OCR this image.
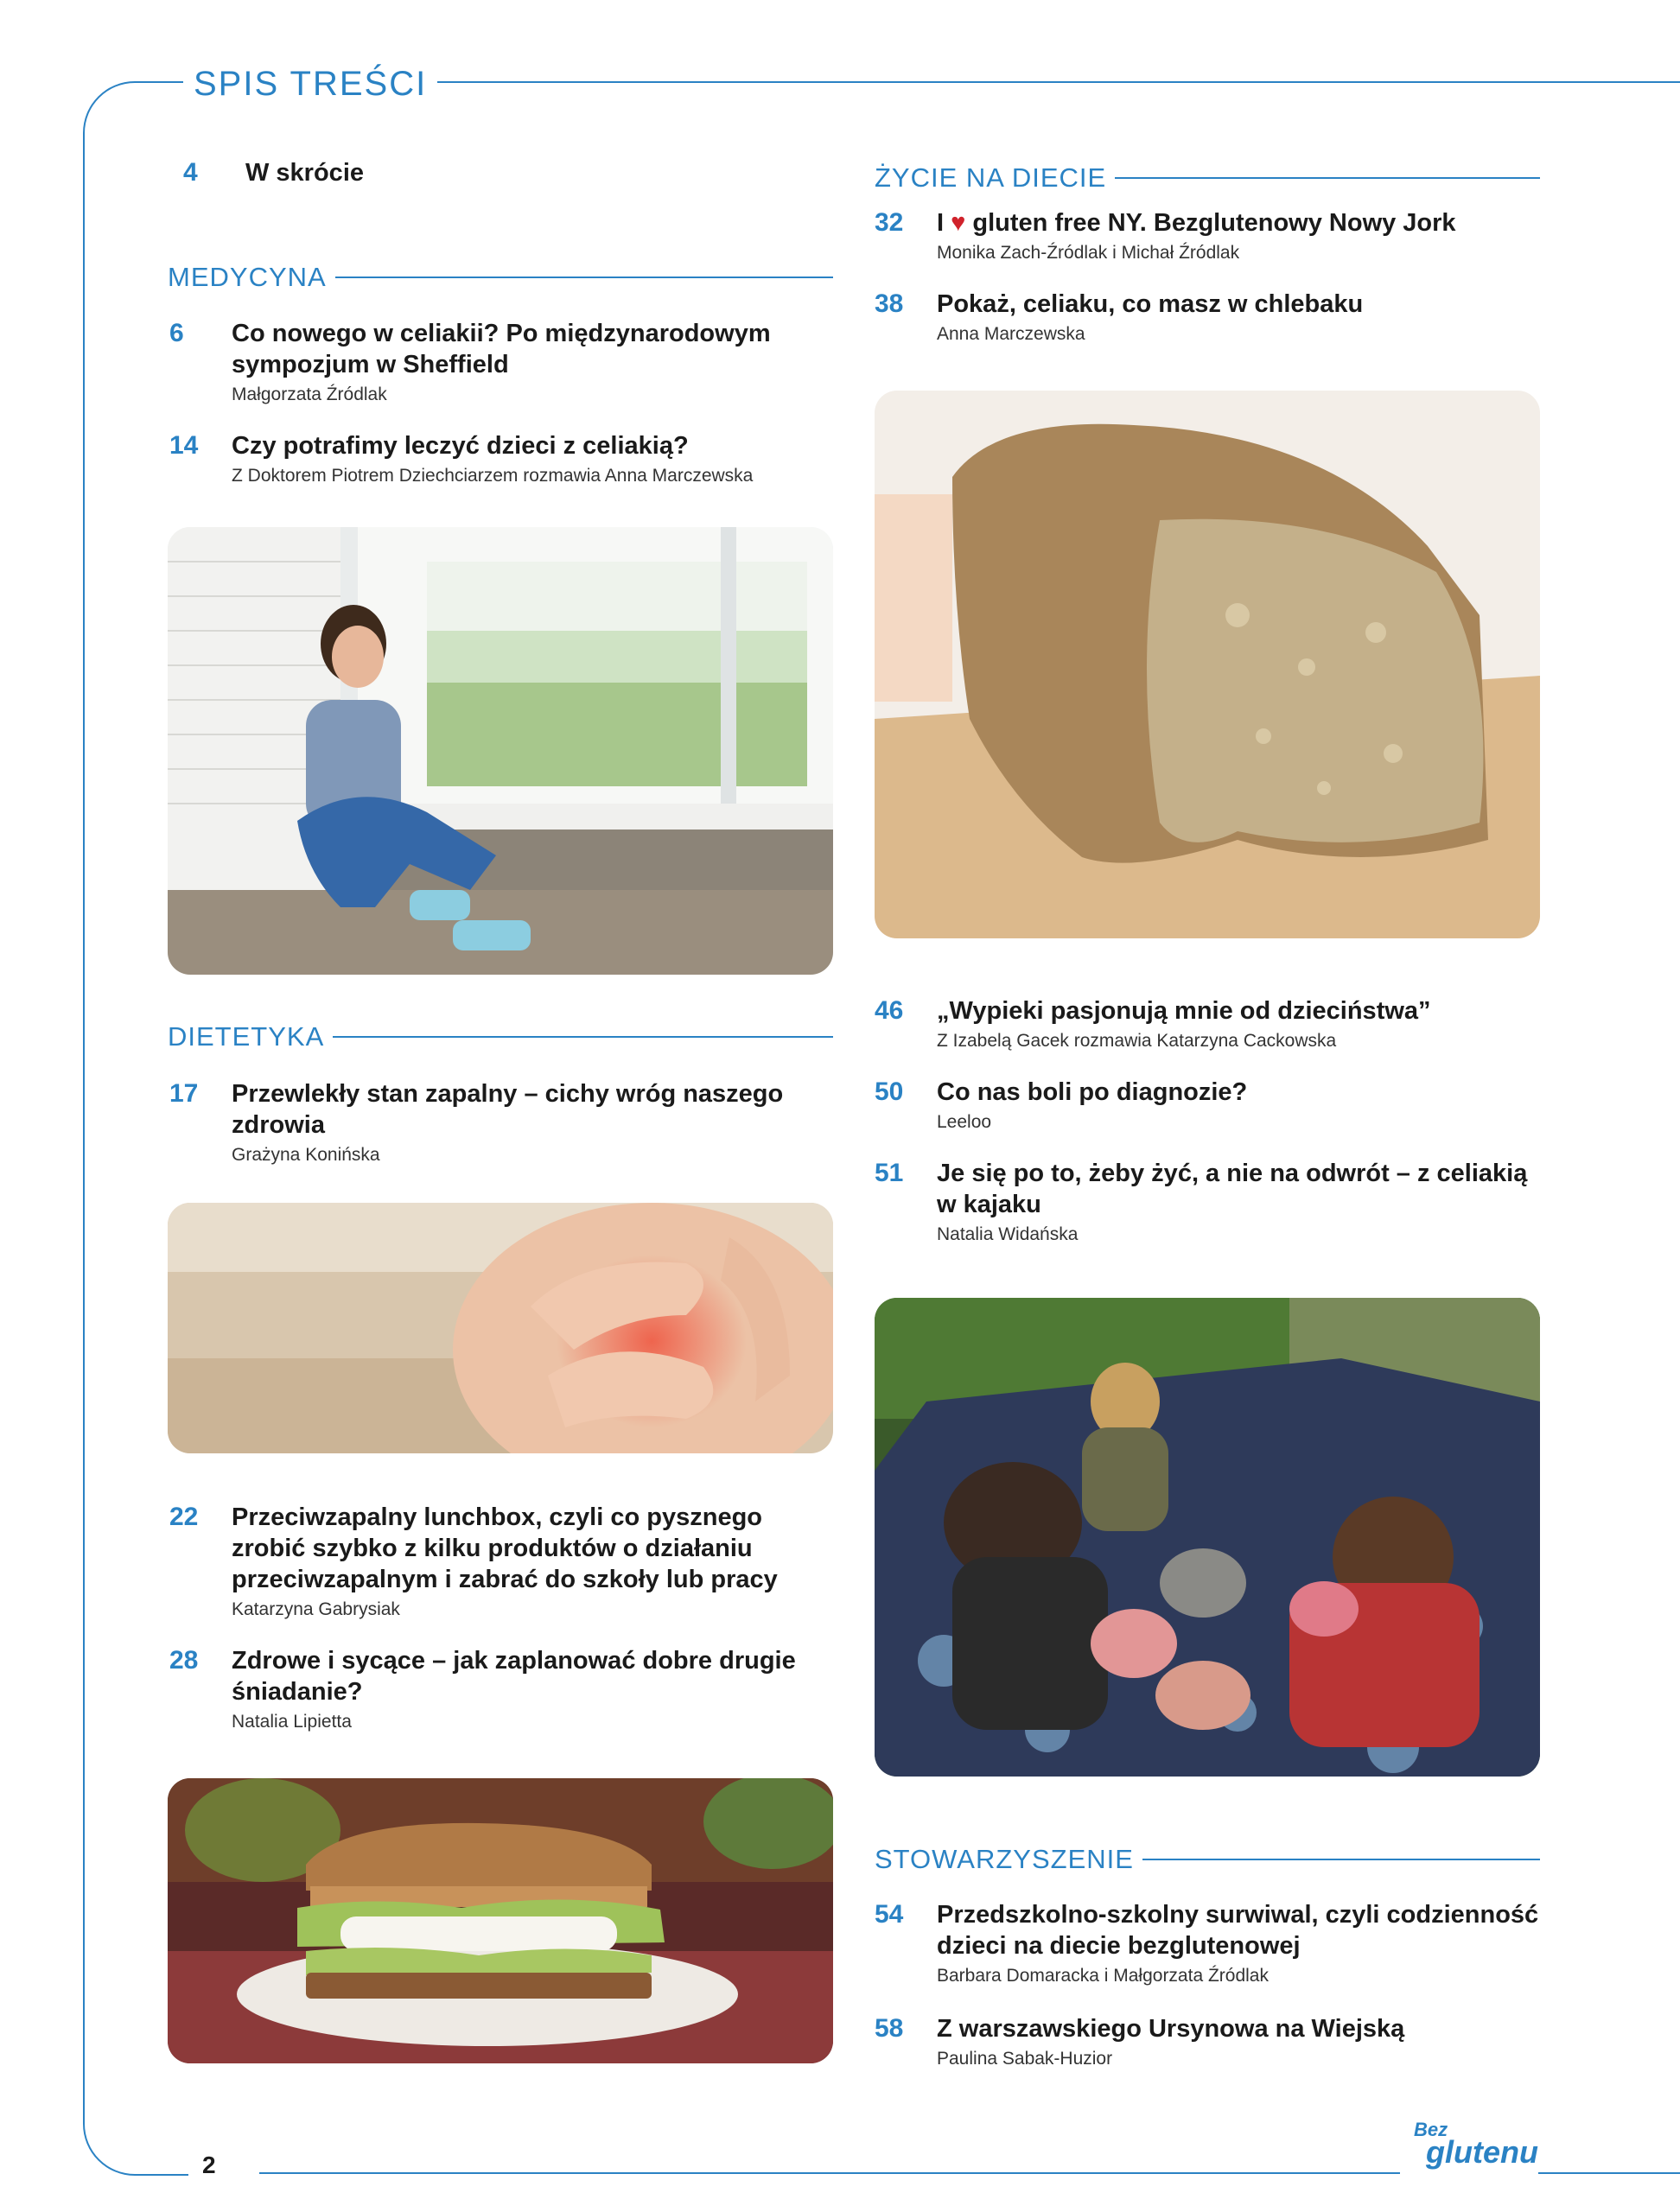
SPIS TREŚCI
4 W skrócie
MEDYCYNA
6 Co nowego w celiakii? Po międzynarodowym
sympozjum w Sheffield
Małgorzata Źródlak
14 Czy potrafimy leczyć dzieci z celiakią?
Z Doktorem Piotrem Dziechciarzem rozmawia Anna Marczewska
DIETETYKA
17 Przewlekły stan zapalny – cichy wróg naszego
zdrowia
Grażyna Konińska
22 Przeciwzapalny lunchbox, czyli co pysznego
zrobić szybko z kilku produktów o działaniu
przeciwzapalnym i zabrać do szkoły lub pracy
Katarzyna Gabrysiak
28 Zdrowe i sycące – jak zaplanować dobre drugie
śniadanie?
Natalia Lipietta
ŻYCIE NA DIECIE
32 I ♥ gluten free NY. Bezglutenowy Nowy Jork
Monika Zach-Źródlak i Michał Źródlak
38 Pokaż, celiaku, co masz w chlebaku
Anna Marczewska
46 „Wypieki pasjonują mnie od dzieciństwa”
Z Izabelą Gacek rozmawia Katarzyna Cackowska
50 Co nas boli po diagnozie?
Leeloo
51 Je się po to, żeby żyć, a nie na odwrót – z celiakią
w kajaku
Natalia Widańska
STOWARZYSZENIE
54 Przedszkolno-szkolny surwiwal, czyli codzienność
dzieci na diecie bezglutenowej
Barbara Domaracka i Małgorzata Źródlak
58 Z warszawskiego Ursynowa na Wiejską
Paulina Sabak-Huzior
2
Bez
glutenu
